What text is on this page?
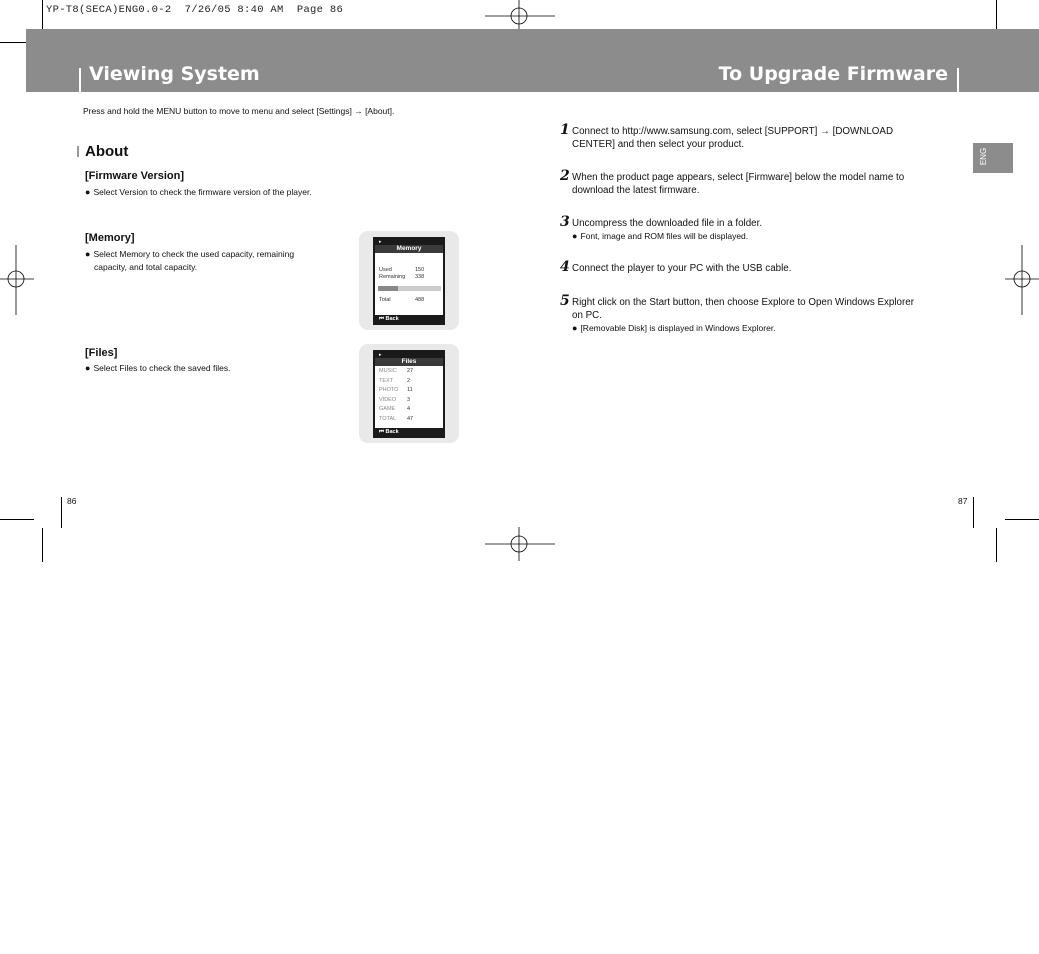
YP-T8(SECA)ENG0.0-2  7/26/05 8:40 AM  Page 86
Viewing System	To Upgrade Firmware
Press and hold the MENU button to move to menu and select [Settings] → [About].
About
[Firmware Version]
● Select Version to check the firmware version of the player.
[Memory]
● Select Memory to check the used capacity, remaining
capacity, and total capacity.
[Files]
● Select Files to check the saved files.
▸
Memory
Used	150
Remaining 338
Total	488
⏮ Back
▸
Files
MUSIC 27
TEXT	2
PHOTO 11
VIDEO 3
GAME 4
TOTAL 47
⏮ Back
86
ENG
1 Connect to http://www.samsung.com, select [SUPPORT] → [DOWNLOAD
CENTER] and then select your product.
2 When the product page appears, select [Firmware] below the model name to
download the latest firmware.
3 Uncompress the downloaded file in a folder.
● Font, image and ROM files will be displayed.
4 Connect the player to your PC with the USB cable.
5 Right click on the Start button, then choose Explore to Open Windows Explorer
on PC.
● [Removable Disk] is displayed in Windows Explorer.
87
